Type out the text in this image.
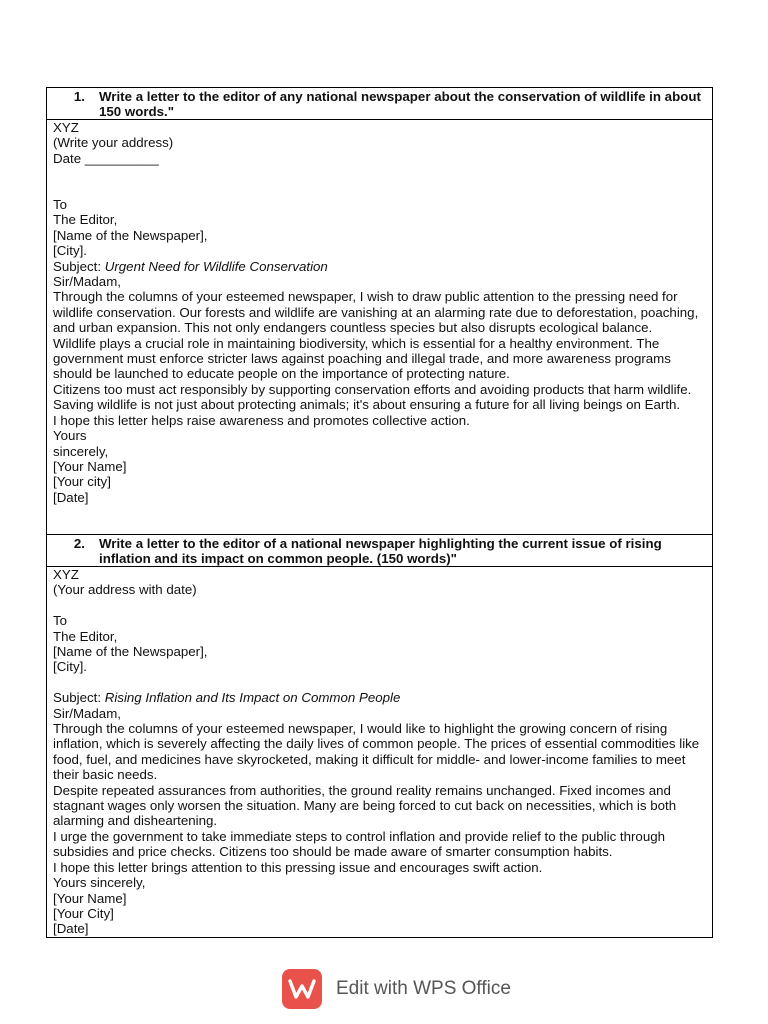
1.	Write a letter to the editor of any national newspaper about the conservation of wildlife in about 150 words."
XYZ
(Write your address)
Date __________
To
The Editor,
[Name of the Newspaper],
[City].
Subject: Urgent Need for Wildlife Conservation
Sir/Madam,
Through the columns of your esteemed newspaper, I wish to draw public attention to the pressing need for wildlife conservation. Our forests and wildlife are vanishing at an alarming rate due to deforestation, poaching, and urban expansion. This not only endangers countless species but also disrupts ecological balance.
Wildlife plays a crucial role in maintaining biodiversity, which is essential for a healthy environment. The government must enforce stricter laws against poaching and illegal trade, and more awareness programs should be launched to educate people on the importance of protecting nature.
Citizens too must act responsibly by supporting conservation efforts and avoiding products that harm wildlife. Saving wildlife is not just about protecting animals; it's about ensuring a future for all living beings on Earth.
I hope this letter helps raise awareness and promotes collective action.
Yours
sincerely,
[Your Name]
[Your city]
[Date]
2.	Write a letter to the editor of a national newspaper highlighting the current issue of rising inflation and its impact on common people. (150 words)"
XYZ
(Your address with date)
To
The Editor,
[Name of the Newspaper],
[City].
Subject: Rising Inflation and Its Impact on Common People
Sir/Madam,
Through the columns of your esteemed newspaper, I would like to highlight the growing concern of rising inflation, which is severely affecting the daily lives of common people. The prices of essential commodities like food, fuel, and medicines have skyrocketed, making it difficult for middle- and lower-income families to meet their basic needs.
Despite repeated assurances from authorities, the ground reality remains unchanged. Fixed incomes and stagnant wages only worsen the situation. Many are being forced to cut back on necessities, which is both alarming and disheartening.
I urge the government to take immediate steps to control inflation and provide relief to the public through subsidies and price checks. Citizens too should be made aware of smarter consumption habits.
I hope this letter brings attention to this pressing issue and encourages swift action.
Yours sincerely,
[Your Name]
[Your City]
[Date]
Edit with WPS Office
